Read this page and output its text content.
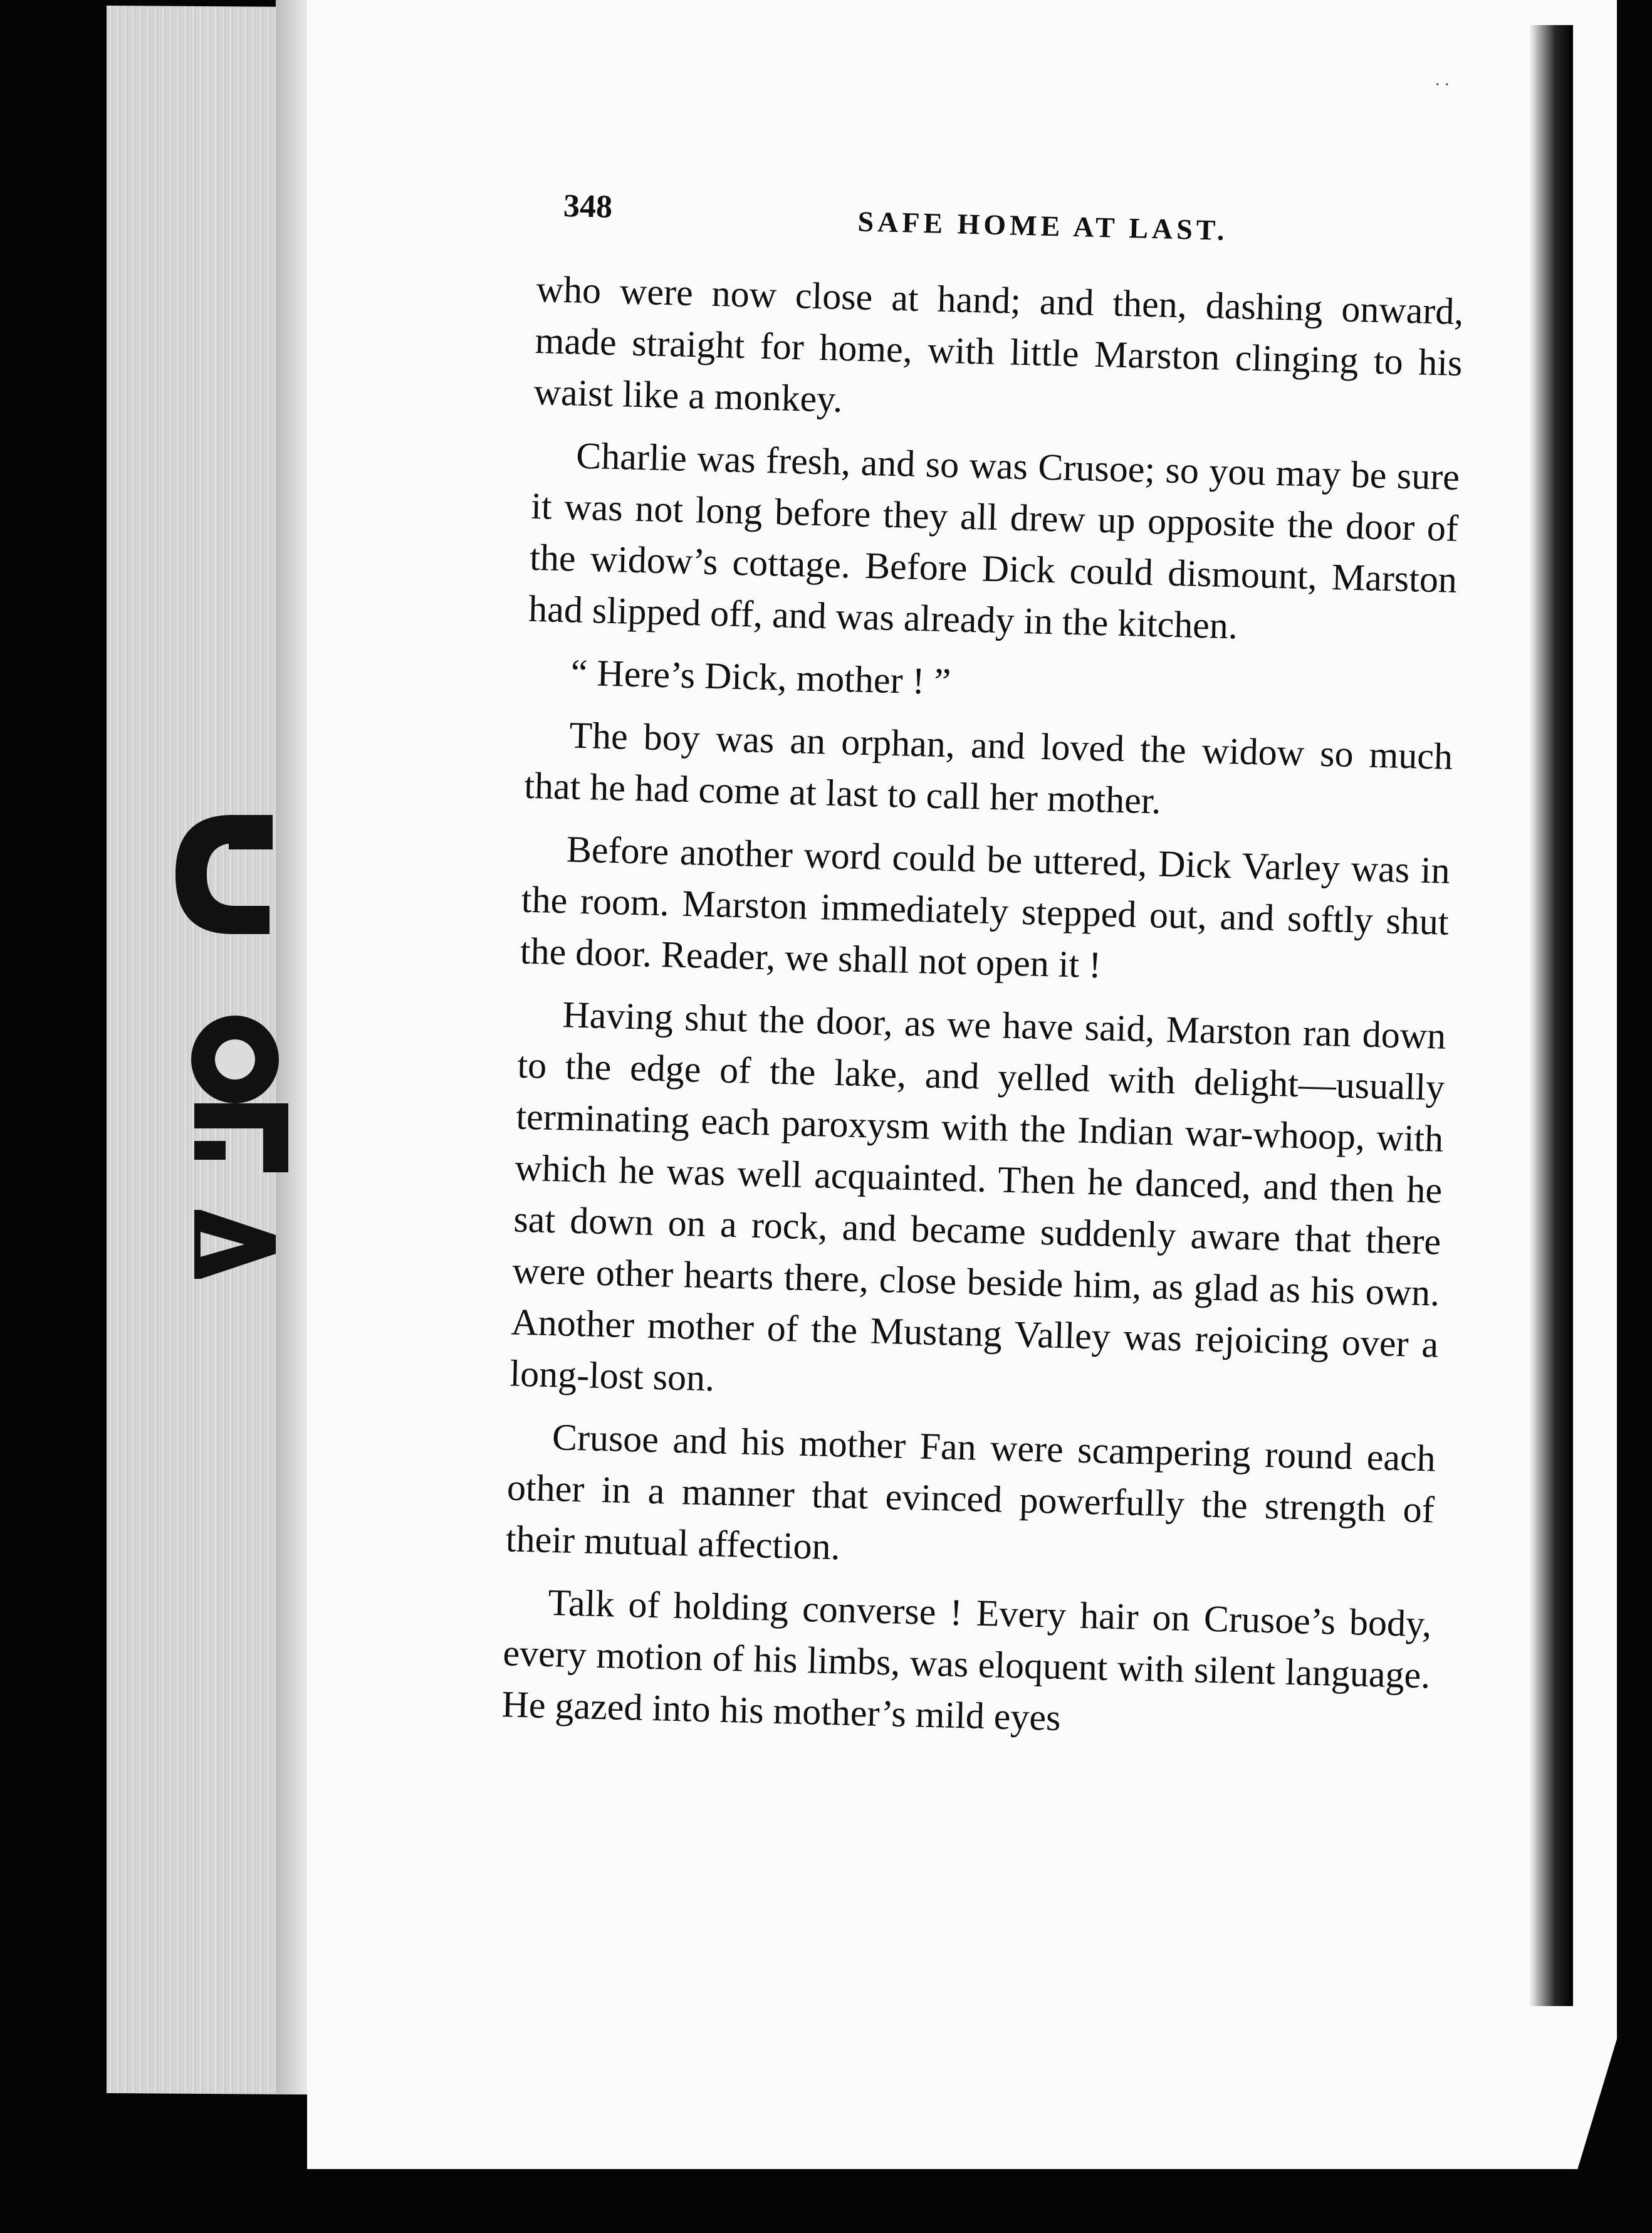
. .
348	SAFE HOME AT LAST.

who were now close at hand; and then, dashing onward, made straight for home, with little Marston clinging to his waist like a monkey.

Charlie was fresh, and so was Crusoe; so you may be sure it was not long before they all drew up opposite the door of the widow’s cottage. Before Dick could dismount, Marston had slipped off, and was already in the kitchen.

“ Here’s Dick, mother ! ”

The boy was an orphan, and loved the widow so much that he had come at last to call her mother.

Before another word could be uttered, Dick Varley was in the room. Marston immediately stepped out, and softly shut the door. Reader, we shall not open it !

Having shut the door, as we have said, Marston ran down to the edge of the lake, and yelled with delight—usually terminating each paroxysm with the Indian war-whoop, with which he was well acquainted. Then he danced, and then he sat down on a rock, and became suddenly aware that there were other hearts there, close beside him, as glad as his own. Another mother of the Mustang Valley was rejoicing over a long-lost son.

Crusoe and his mother Fan were scampering round each other in a manner that evinced powerfully the strength of their mutual affection.

Talk of holding converse ! Every hair on Crusoe’s body, every motion of his limbs, was eloquent with silent language. He gazed into his mother’s mild eyes
